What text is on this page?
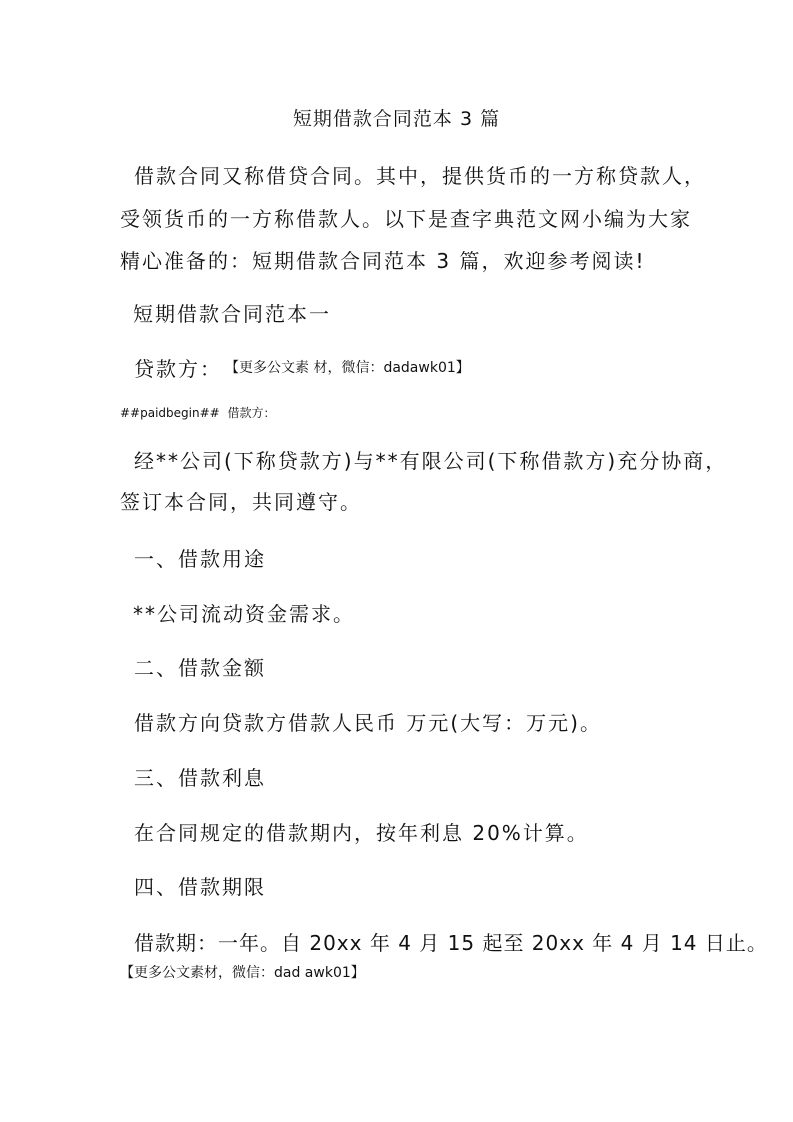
短期借款合同范本 3 篇
借款合同又称借贷合同。其中，提供货币的一方称贷款人，
受领货币的一方称借款人。以下是查字典范文网小编为大家
精心准备的：短期借款合同范本 3 篇，欢迎参考阅读!
短期借款合同范本一
贷款方： 【更多公文素 材，微信：dadawk01】
##paidbegin## 借款方：
经**公司(下称贷款方)与**有限公司(下称借款方)充分协商，
签订本合同，共同遵守。
一、借款用途
**公司流动资金需求。
二、借款金额
借款方向贷款方借款人民币 万元(大写：万元)。
三、借款利息
在合同规定的借款期内，按年利息 20%计算。
四、借款期限
借款期：一年。自 20xx 年 4 月 15 起至 20xx 年 4 月 14 日止。
【更多公文素材，微信：dad awk01】
